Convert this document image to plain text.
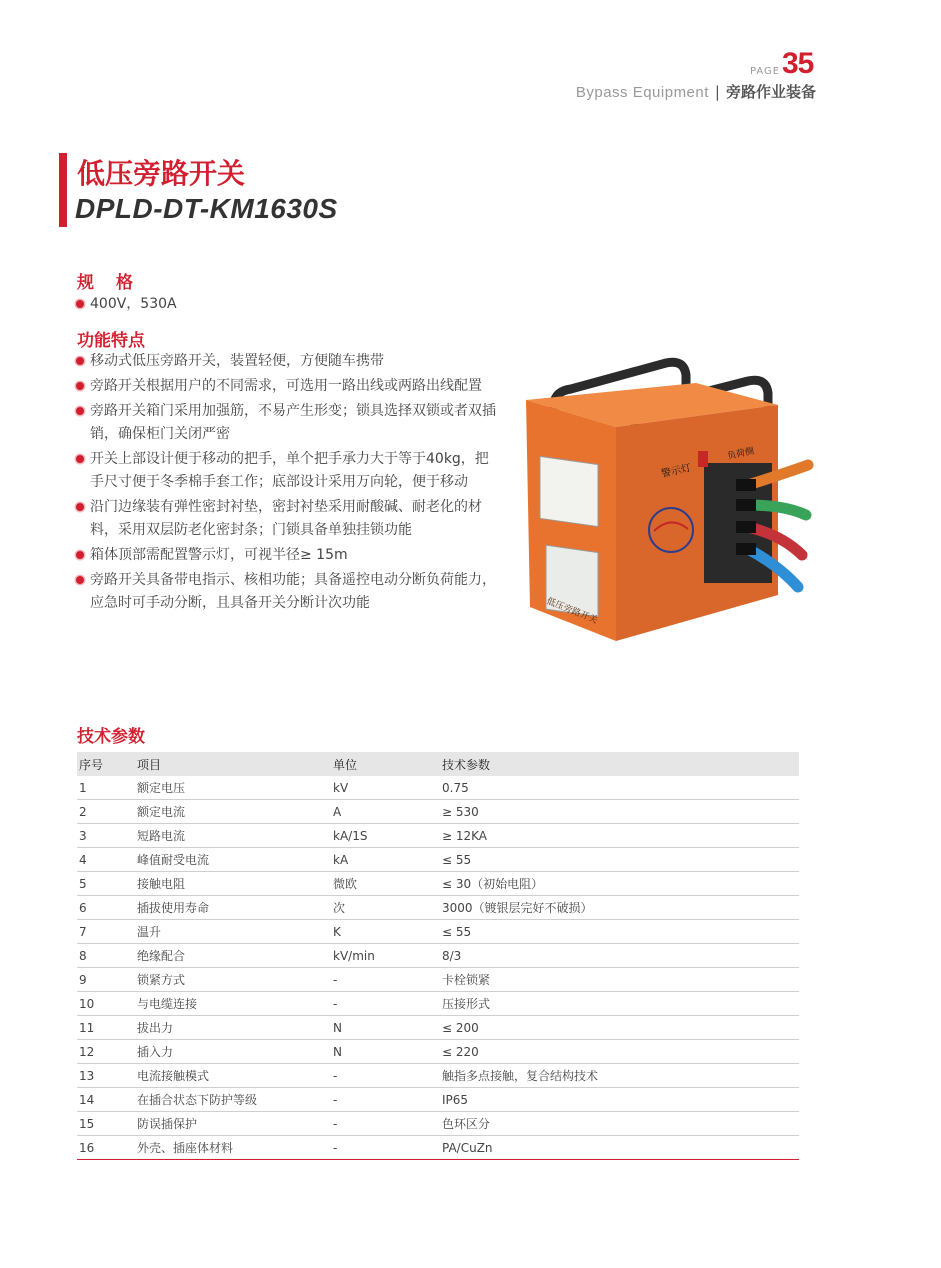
PAGE 35
Bypass Equipment | 旁路作业装备
低压旁路开关
DPLD-DT-KM1630S
规格
400V，530A
功能特点
移动式低压旁路开关，装置轻便，方便随车携带
旁路开关根据用户的不同需求，可选用一路出线或两路出线配置
旁路开关箱门采用加强筋，不易产生形变；锁具选择双锁或者双插销，确保柜门关闭严密
开关上部设计便于移动的把手，单个把手承力大于等于40kg，把手尺寸便于冬季棉手套工作；底部设计采用万向轮，便于移动
沿门边缘装有弹性密封衬垫，密封衬垫采用耐酸碱、耐老化的材料，采用双层防老化密封条；门锁具备单独挂锁功能
箱体顶部需配置警示灯，可视半径≥ 15m
旁路开关具备带电指示、核相功能；具备遥控电动分断负荷能力，应急时可手动分断，且具备开关分断计次功能	低压旁路开关
警示灯
负荷侧
技术参数
序号	项目	单位	技术参数
1	额定电压	kV	0.75
2	额定电流	A	≥ 530
3	短路电流	kA/1S	≥ 12KA
4	峰值耐受电流	kA	≤ 55
5	接触电阻	微欧	≤ 30（初始电阻）
6	插拔使用寿命	次	3000（镀银层完好不破损）
7	温升	K	≤ 55
8	绝缘配合	kV/min	8/3
9	锁紧方式	-	卡栓锁紧
10	与电缆连接	-	压接形式
11	拔出力	N	≤ 200
12	插入力	N	≤ 220
13	电流接触模式	-	触指多点接触，复合结构技术
14	在插合状态下防护等级	-	IP65
15	防误插保护	-	色环区分
16	外壳、插座体材料	-	PA/CuZn
